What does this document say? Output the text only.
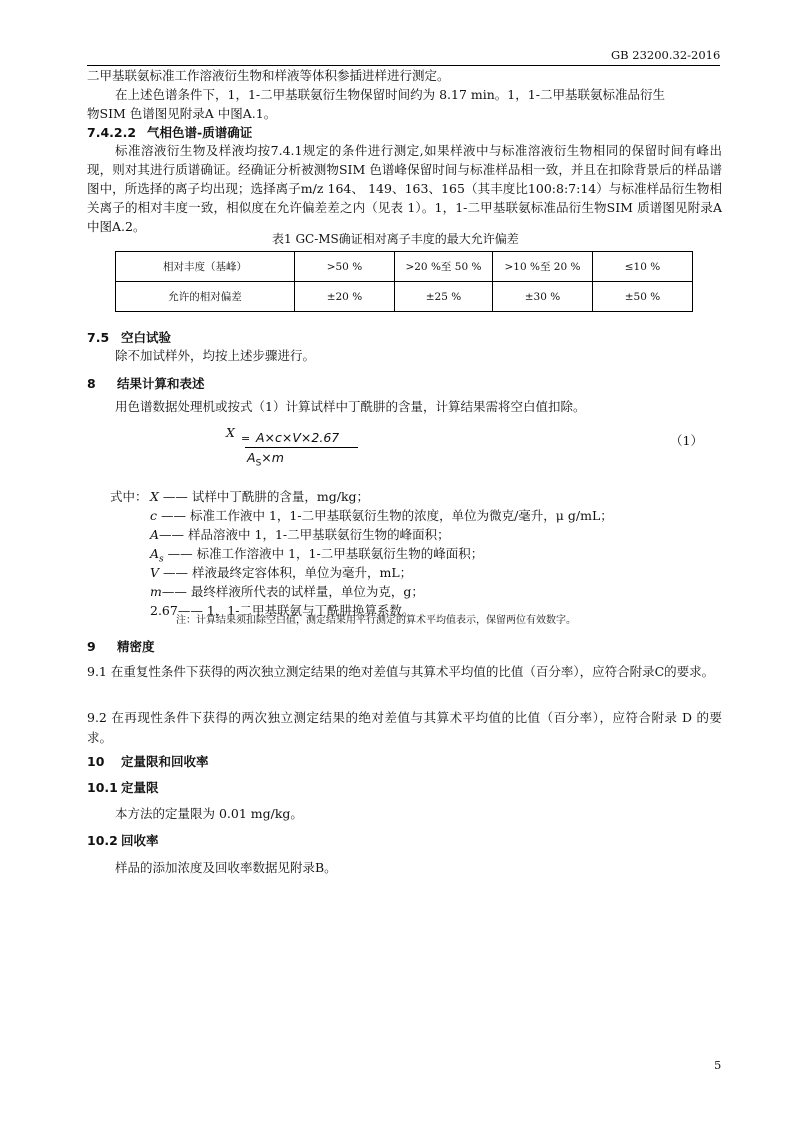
GB 23200.32-2016
二甲基联氨标准工作溶液衍生物和样液等体积参插进样进行测定。
在上述色谱条件下，1，1-二甲基联氨衍生物保留时间约为 8.17 min。1，1-二甲基联氨标准品衍生
物SIM 色谱图见附录A 中图A.1。
7.4.2.2 气相色谱-质谱确证
标准溶液衍生物及样液均按7.4.1规定的条件进行测定,如果样液中与标准溶液衍生物相同的保留时间有峰出现，则对其进行质谱确证。经确证分析被测物SIM 色谱峰保留时间与标准样品相一致，并且在扣除背景后的样品谱图中，所选择的离子均出现；选择离子m/z 164、 149、163、165（其丰度比100:8:7:14）与标准样品衍生物相关离子的相对丰度一致，相似度在允许偏差差之内（见表 1）。1，1-二甲基联氨标准品衍生物SIM 质谱图见附录A 中图A.2。
表1 GC-MS确证相对离子丰度的最大允许偏差
相对丰度（基峰）	>50 %	>20 %至 50 %	>10 %至 20 %	≤10 %
允许的相对偏差	±20 %	±25 %	±30 %	±50 %
7.5 空白试验
除不加试样外，均按上述步骤进行。
8 结果计算和表述
用色谱数据处理机或按式（1）计算试样中丁酰肼的含量，计算结果需将空白值扣除。
X = A×c×V×2.67
$A_S\times m$
（1）
式中： X —— 试样中丁酰肼的含量，mg/kg；
c —— 标准工作液中 1，1-二甲基联氨衍生物的浓度，单位为微克/毫升，μ g/mL；
A—— 样品溶液中 1，1-二甲基联氨衍生物的峰面积；
$A_s$ —— 标准工作溶液中 1，1-二甲基联氨衍生物的峰面积；
V —— 样液最终定容体积，单位为毫升，mL；
m—— 最终样液所代表的试样量，单位为克，g；
2.67—— 1，1-二甲基联氨与丁酰肼换算系数。
注：计算结果须扣除空白值，测定结果用平行测定的算术平均值表示，保留两位有效数字。
9 精密度
9.1 在重复性条件下获得的两次独立测定结果的绝对差值与其算术平均值的比值（百分率），应符合附录C的要求。
9.2 在再现性条件下获得的两次独立测定结果的绝对差值与其算术平均值的比值（百分率），应符合附录 D 的要求。
10 定量限和回收率
10.1 定量限
本方法的定量限为 0.01 mg/kg。
10.2 回收率
样品的添加浓度及回收率数据见附录B。
5
